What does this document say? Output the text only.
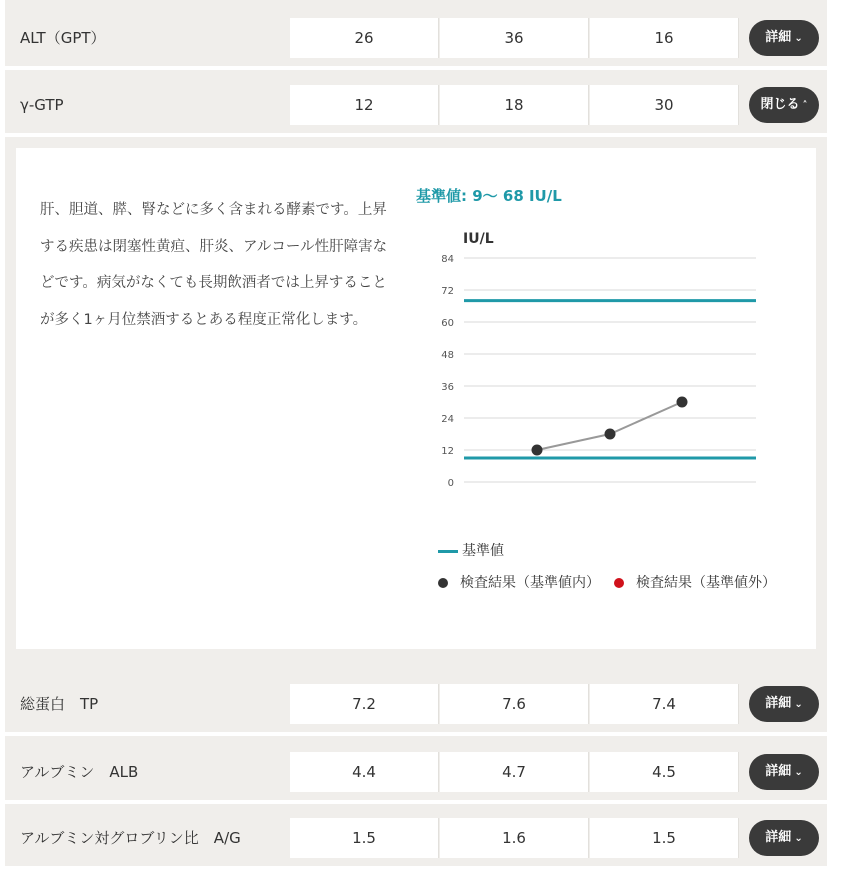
ALT（GPT）	26	36	16	詳細 ⌄
γ-GTP	12	18	30	閉じる ˄
肝、胆道、膵、腎などに多く含まれる酵素です。上昇する疾患は閉塞性黄疸、肝炎、アルコール性肝障害などです。病気がなくても長期飲酒者では上昇することが多く1ヶ月位禁酒するとある程度正常化します。
基準値: 9～ 68 IU/L
IU/L
84
72
60
48
36
24
12
0
基準値
検査結果（基準値内）	検査結果（基準値外）
総蛋白　TP	7.2	7.6	7.4	詳細 ⌄
アルブミン　ALB	4.4	4.7	4.5	詳細 ⌄
アルブミン対グロブリン比　A/G	1.5	1.6	1.5	詳細 ⌄
